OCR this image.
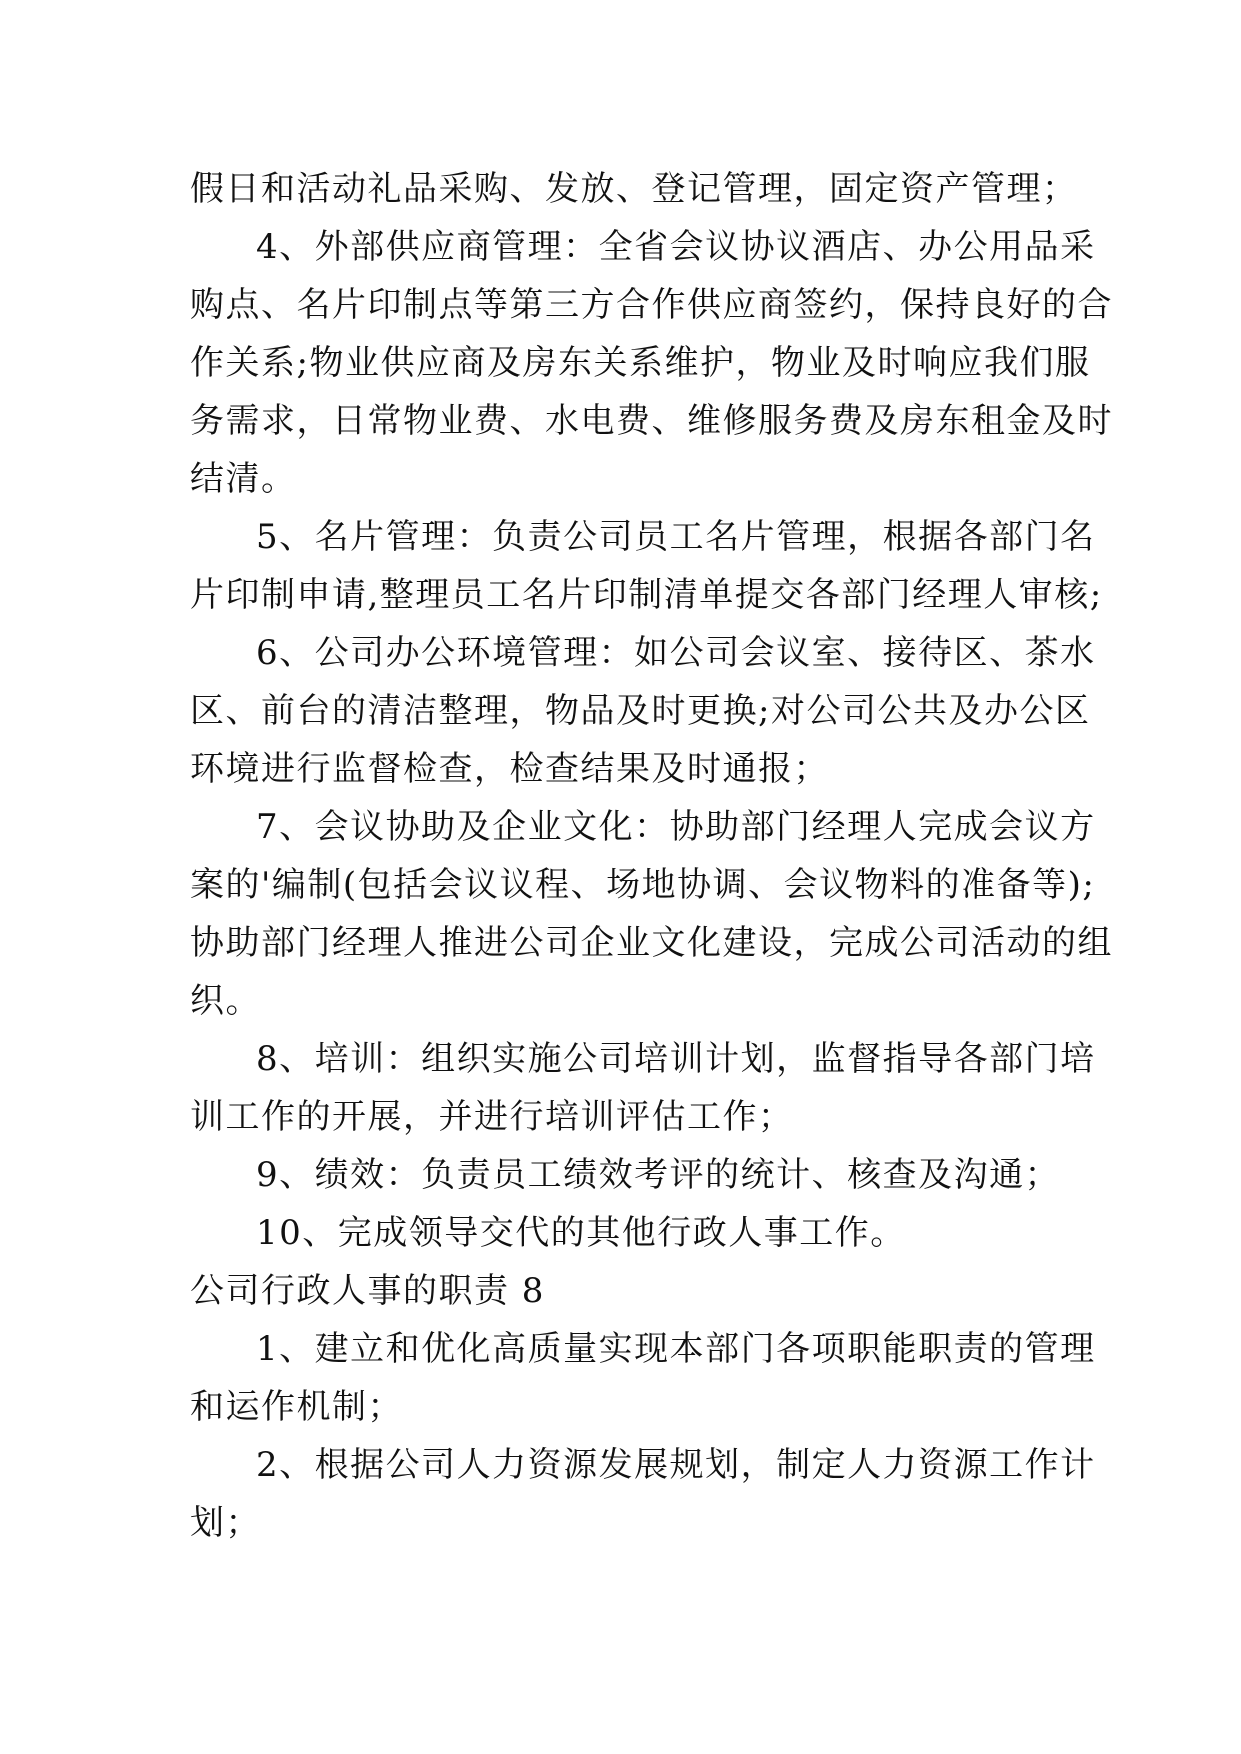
假日和活动礼品采购、发放、登记管理，固定资产管理；
4、外部供应商管理：全省会议协议酒店、办公用品采
购点、名片印制点等第三方合作供应商签约，保持良好的合
作关系;物业供应商及房东关系维护，物业及时响应我们服
务需求，日常物业费、水电费、维修服务费及房东租金及时
结清。
5、名片管理：负责公司员工名片管理，根据各部门名
片印制申请,整理员工名片印制清单提交各部门经理人审核;
6、公司办公环境管理：如公司会议室、接待区、茶水
区、前台的清洁整理，物品及时更换;对公司公共及办公区
环境进行监督检查，检查结果及时通报；
7、会议协助及企业文化：协助部门经理人完成会议方
案的'编制(包括会议议程、场地协调、会议物料的准备等);
协助部门经理人推进公司企业文化建设，完成公司活动的组
织。
8、培训：组织实施公司培训计划，监督指导各部门培
训工作的开展，并进行培训评估工作；
9、绩效：负责员工绩效考评的统计、核查及沟通；
10、完成领导交代的其他行政人事工作。
公司行政人事的职责 8
1、建立和优化高质量实现本部门各项职能职责的管理
和运作机制；
2、根据公司人力资源发展规划，制定人力资源工作计
划；
